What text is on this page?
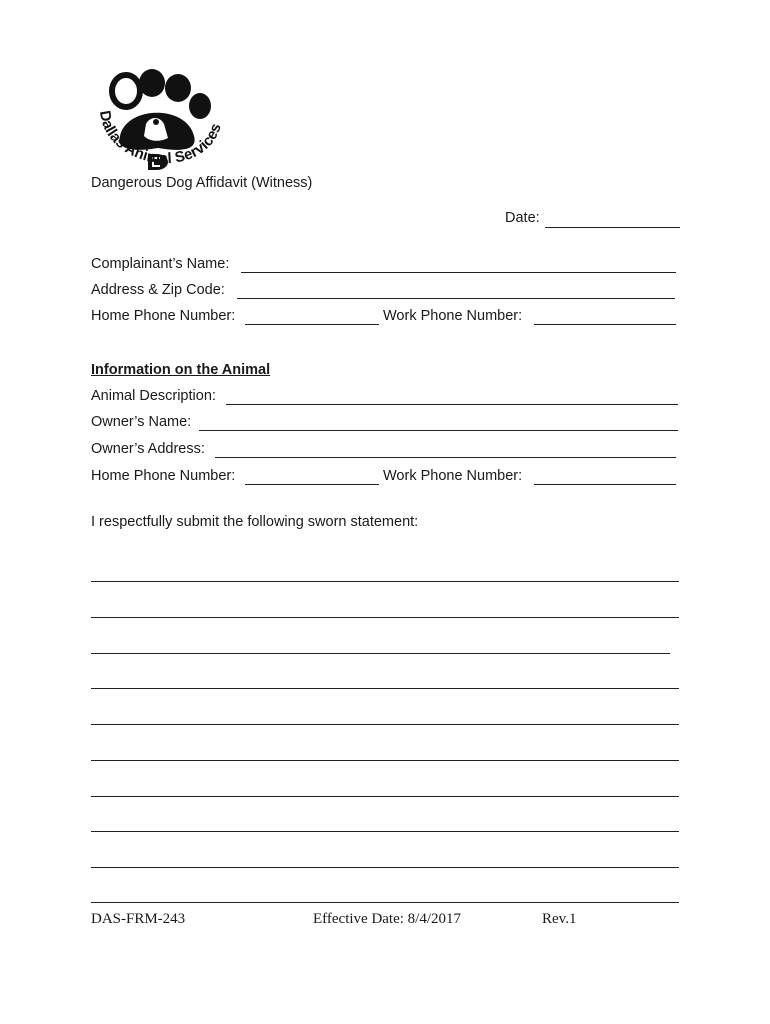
Dallas Animal Services
Dangerous Dog Affidavit (Witness)
Date:
Complainant’s Name:
Address & Zip Code:
Home Phone Number:	Work Phone Number:
Information on the Animal
Animal Description:
Owner’s Name:
Owner’s Address:
Home Phone Number:	Work Phone Number:
I respectfully submit the following sworn statement:
DAS-FRM-243	Effective Date: 8/4/2017	Rev.1
